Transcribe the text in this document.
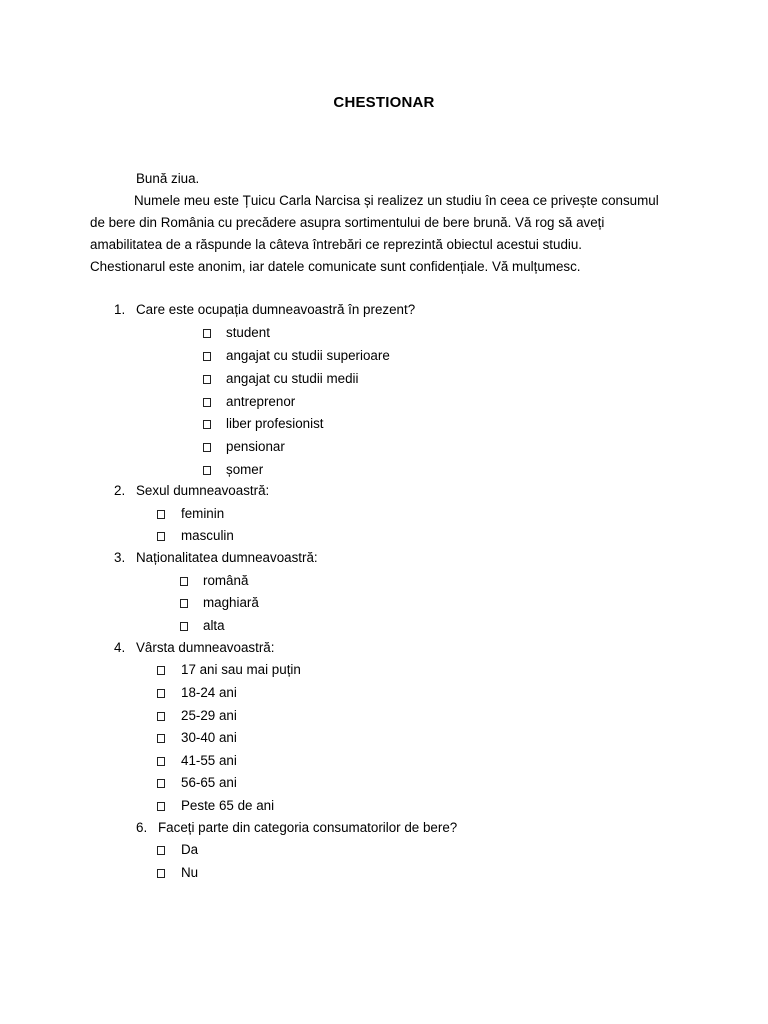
CHESTIONAR
Bună ziua.
Numele meu este Țuicu Carla Narcisa și realizez un studiu în ceea ce privește consumul
de bere din România cu precădere asupra sortimentului de bere brună. Vă rog să aveți
amabilitatea de a răspunde la câteva întrebări ce reprezintă obiectul acestui studiu.
Chestionarul este anonim, iar datele comunicate sunt confidențiale. Vă mulțumesc.
1. Care este ocupația dumneavoastră în prezent?
student
angajat cu studii superioare
angajat cu studii medii
antreprenor
liber profesionist
pensionar
șomer
2. Sexul dumneavoastră:
feminin
masculin
3. Naționalitatea dumneavoastră:
română
maghiară
alta
4. Vârsta dumneavoastră:
17 ani sau mai puțin
18-24 ani
25-29 ani
30-40 ani
41-55 ani
56-65 ani
Peste 65 de ani
6. Faceți parte din categoria consumatorilor de bere?
Da
Nu
